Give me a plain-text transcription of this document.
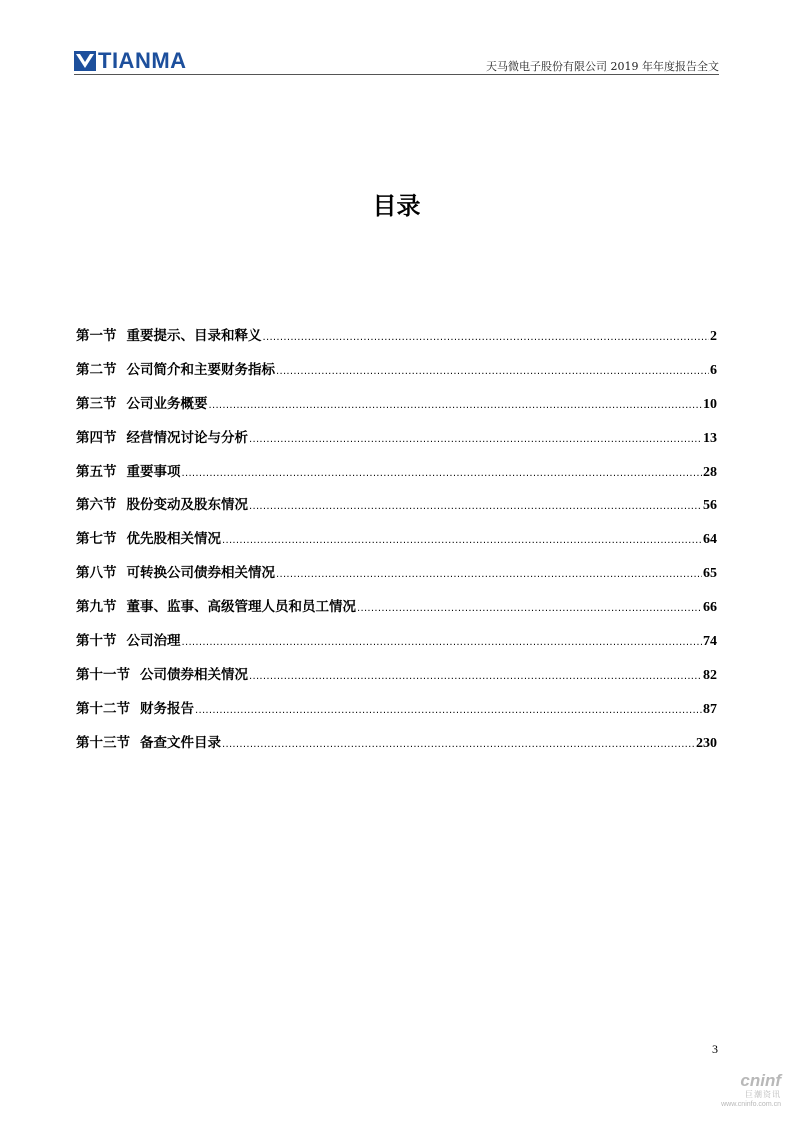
TIANMA	天马微电子股份有限公司 2019 年年度报告全文
目录
第一节 重要提示、目录和释义 .....	2
第二节 公司简介和主要财务指标 .....	6
第三节 公司业务概要 .....	10
第四节 经营情况讨论与分析 .....	13
第五节 重要事项 .....	28
第六节 股份变动及股东情况 .....	56
第七节 优先股相关情况 .....	64
第八节 可转换公司债券相关情况 .....	65
第九节 董事、监事、高级管理人员和员工情况 .....	66
第十节 公司治理 .....	74
第十一节 公司债券相关情况 .....	82
第十二节 财务报告 .....	87
第十三节 备查文件目录 .....	230
3
cninf
巨潮资讯
www.cninfo.com.cn
